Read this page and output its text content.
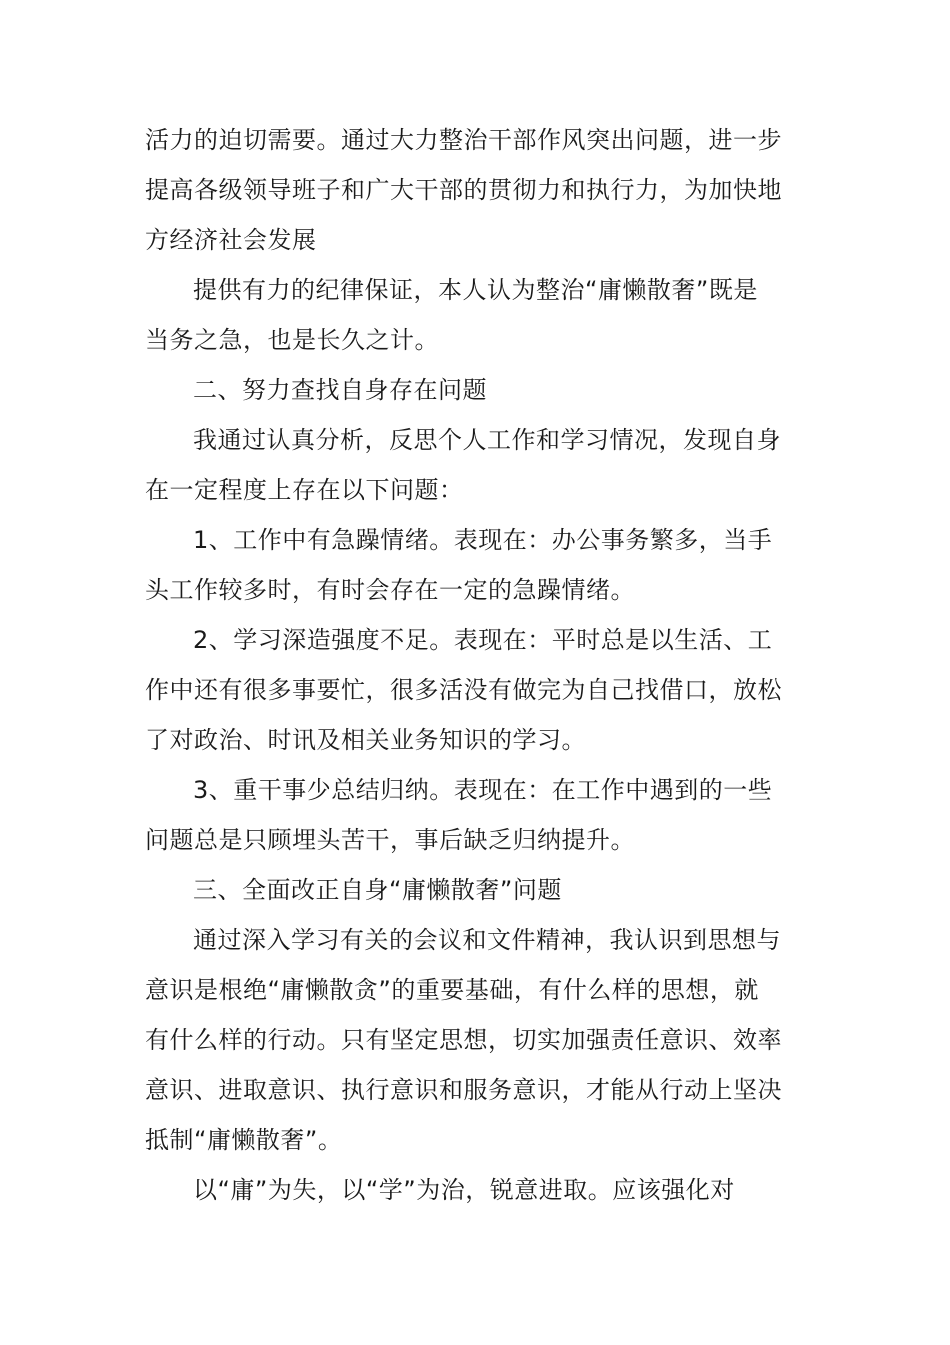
活力的迫切需要。通过大力整治干部作风突出问题，进一步
提高各级领导班子和广大干部的贯彻力和执行力，为加快地
方经济社会发展
提供有力的纪律保证，本人认为整治“庸懒散奢”既是
当务之急，也是长久之计。
二、努力查找自身存在问题
我通过认真分析，反思个人工作和学习情况，发现自身
在一定程度上存在以下问题：
1、工作中有急躁情绪。表现在：办公事务繁多，当手
头工作较多时，有时会存在一定的急躁情绪。
2、学习深造强度不足。表现在：平时总是以生活、工
作中还有很多事要忙，很多活没有做完为自己找借口，放松
了对政治、时讯及相关业务知识的学习。
3、重干事少总结归纳。表现在：在工作中遇到的一些
问题总是只顾埋头苦干，事后缺乏归纳提升。
三、全面改正自身“庸懒散奢”问题
通过深入学习有关的会议和文件精神，我认识到思想与
意识是根绝“庸懒散贪”的重要基础，有什么样的思想，就
有什么样的行动。只有坚定思想，切实加强责任意识、效率
意识、进取意识、执行意识和服务意识，才能从行动上坚决
抵制“庸懒散奢”。
以“庸”为失，以“学”为治，锐意进取。应该强化对
